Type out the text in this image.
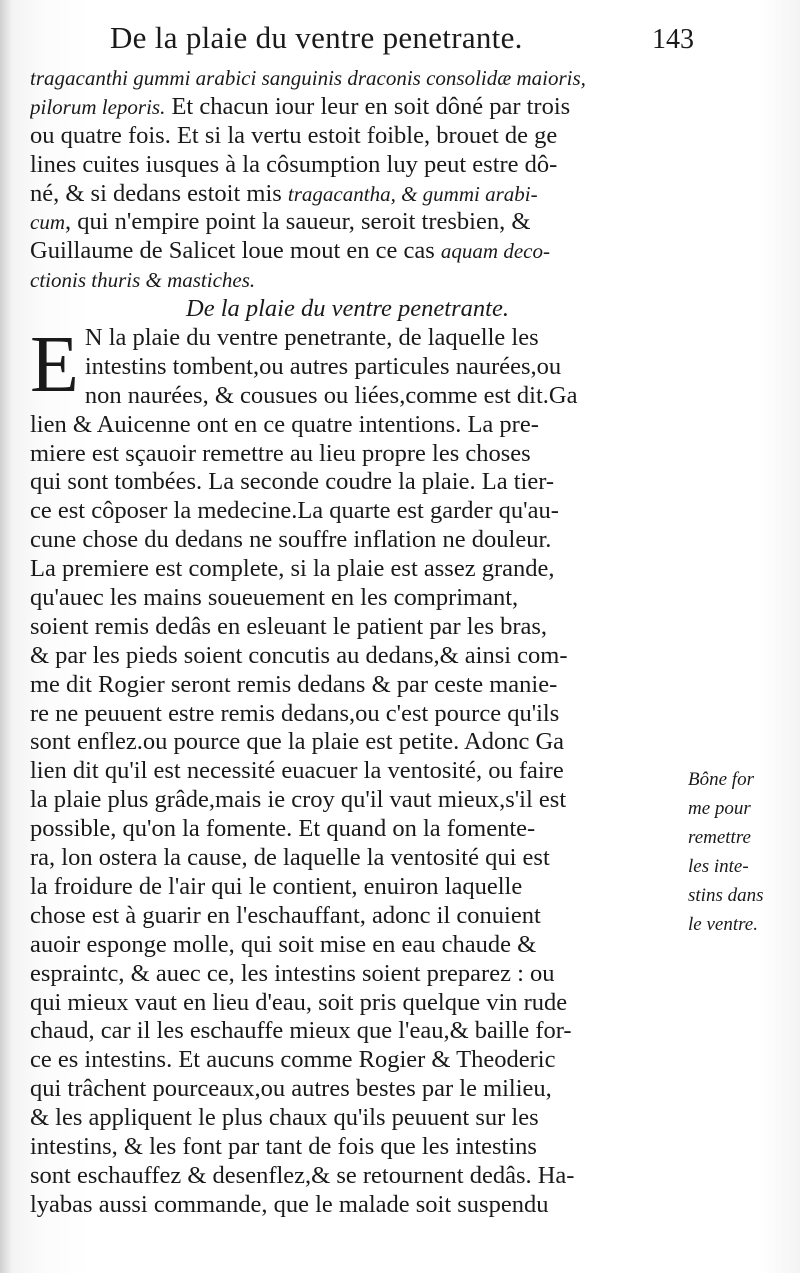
De la plaie du ventre penetrante.	143
tragacanthi gummi arabici sanguinis draconis consolidæ maioris,
pilorum leporis. Et chacun iour leur en soit dôné par trois
ou quatre fois. Et si la vertu estoit foible, brouet de ge
lines cuites iusques à la côsumption luy peut estre dô-
né, & si dedans estoit mis tragacantha, & gummi arabi-
cum, qui n'empire point la saueur, seroit tresbien, &
Guillaume de Salicet loue mout en ce cas aquam deco-
ctionis thuris & mastiches.
De la plaie du ventre penetrante.
E N la plaie du ventre penetrante, de laquelle les
intestins tombent,ou autres particules naurées,ou
non naurées, & cousues ou liées,comme est dit.Ga
lien & Auicenne ont en ce quatre intentions. La pre-
miere est sçauoir remettre au lieu propre les choses
qui sont tombées. La seconde coudre la plaie. La tier-
ce est côposer la medecine.La quarte est garder qu'au-
cune chose du dedans ne souffre inflation ne douleur.
La premiere est complete, si la plaie est assez grande,
qu'auec les mains soueuement en les comprimant,
soient remis dedâs en esleuant le patient par les bras,
& par les pieds soient concutis au dedans,& ainsi com-
me dit Rogier seront remis dedans & par ceste manie-
re ne peuuent estre remis dedans,ou c'est pource qu'ils
sont enflez.ou pource que la plaie est petite. Adonc Ga
lien dit qu'il est necessité euacuer la ventosité, ou faire
la plaie plus grâde,mais ie croy qu'il vaut mieux,s'il est
possible, qu'on la fomente. Et quand on la fomente-
ra, lon ostera la cause, de laquelle la ventosité qui est
la froidure de l'air qui le contient, enuiron laquelle
chose est à guarir en l'eschauffant, adonc il conuient
auoir esponge molle, qui soit mise en eau chaude &
espraintc, & auec ce, les intestins soient preparez : ou
qui mieux vaut en lieu d'eau, soit pris quelque vin rude
chaud, car il les eschauffe mieux que l'eau,& baille for-
ce es intestins. Et aucuns comme Rogier & Theoderic
qui trâchent pourceaux,ou autres bestes par le milieu,
& les appliquent le plus chaux qu'ils peuuent sur les
intestins, & les font par tant de fois que les intestins
sont eschauffez & desenflez,& se retournent dedâs. Ha-
lyabas aussi commande, que le malade soit suspendu
Bône for
me pour
remettre
les inte-
stins dans
le ventre.
